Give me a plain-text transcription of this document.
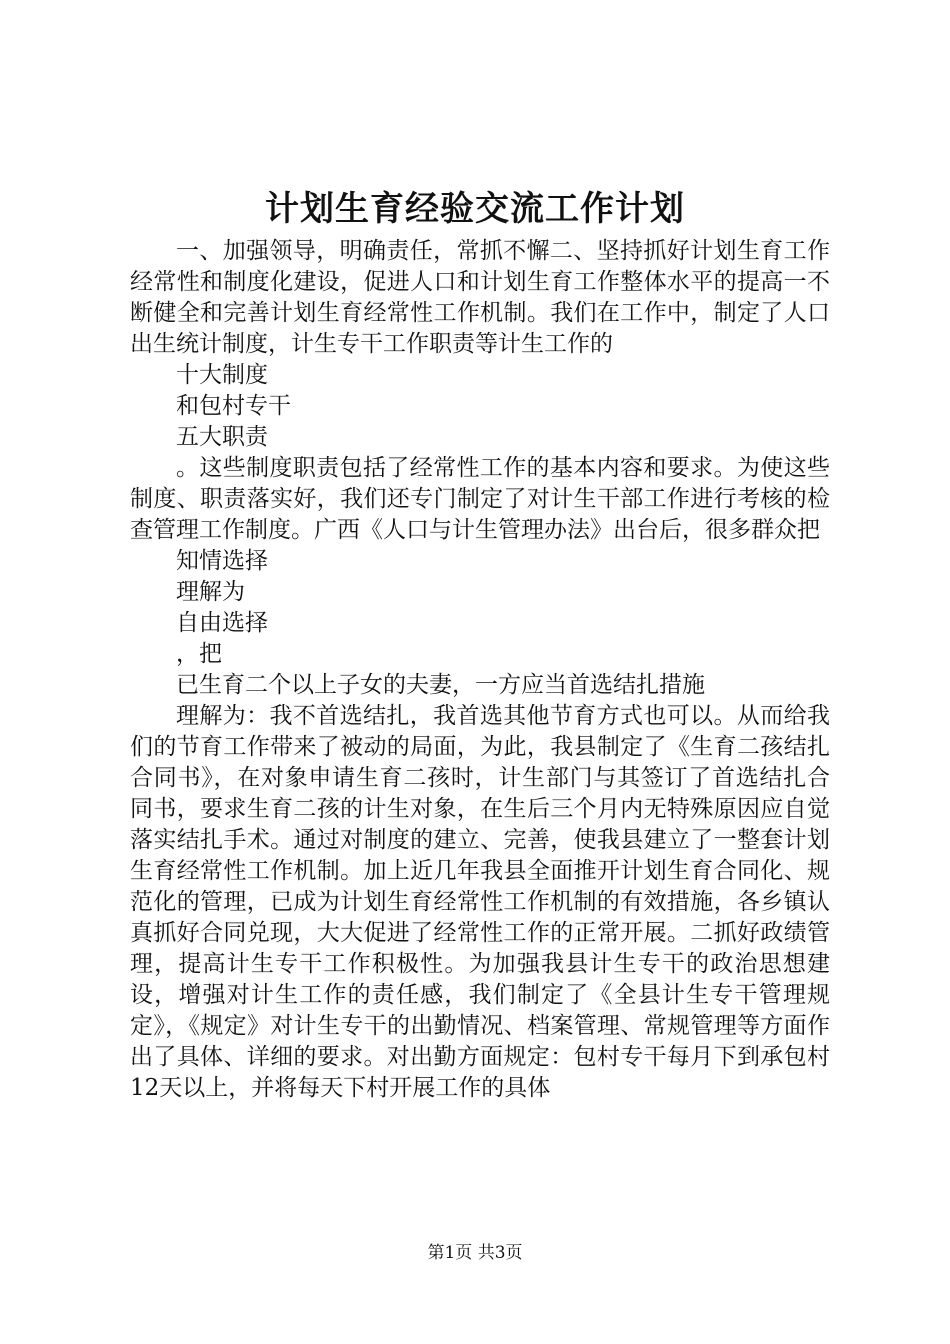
计划生育经验交流工作计划

一、加强领导，明确责任，常抓不懈二、坚持抓好计划生育工作经常性和制度化建设，促进人口和计划生育工作整体水平的提高一不断健全和完善计划生育经常性工作机制。我们在工作中，制定了人口出生统计制度，计生专干工作职责等计生工作的

十大制度

和包村专干

五大职责

。这些制度职责包括了经常性工作的基本内容和要求。为使这些制度、职责落实好，我们还专门制定了对计生干部工作进行考核的检查管理工作制度。广西《人口与计生管理办法》出台后，很多群众把

知情选择

理解为

自由选择

，把

已生育二个以上子女的夫妻，一方应当首选结扎措施

理解为：我不首选结扎，我首选其他节育方式也可以。从而给我们的节育工作带来了被动的局面，为此，我县制定了《生育二孩结扎合同书》，在对象申请生育二孩时，计生部门与其签订了首选结扎合同书，要求生育二孩的计生对象，在生后三个月内无特殊原因应自觉落实结扎手术。通过对制度的建立、完善，使我县建立了一整套计划生育经常性工作机制。加上近几年我县全面推开计划生育合同化、规范化的管理，已成为计划生育经常性工作机制的有效措施，各乡镇认真抓好合同兑现，大大促进了经常性工作的正常开展。二抓好政绩管理，提高计生专干工作积极性。为加强我县计生专干的政治思想建设，增强对计生工作的责任感，我们制定了《全县计生专干管理规定》，《规定》对计生专干的出勤情况、档案管理、常规管理等方面作出了具体、详细的要求。对出勤方面规定：包村专干每月下到承包村12天以上，并将每天下村开展工作的具体

第1页 共3页
